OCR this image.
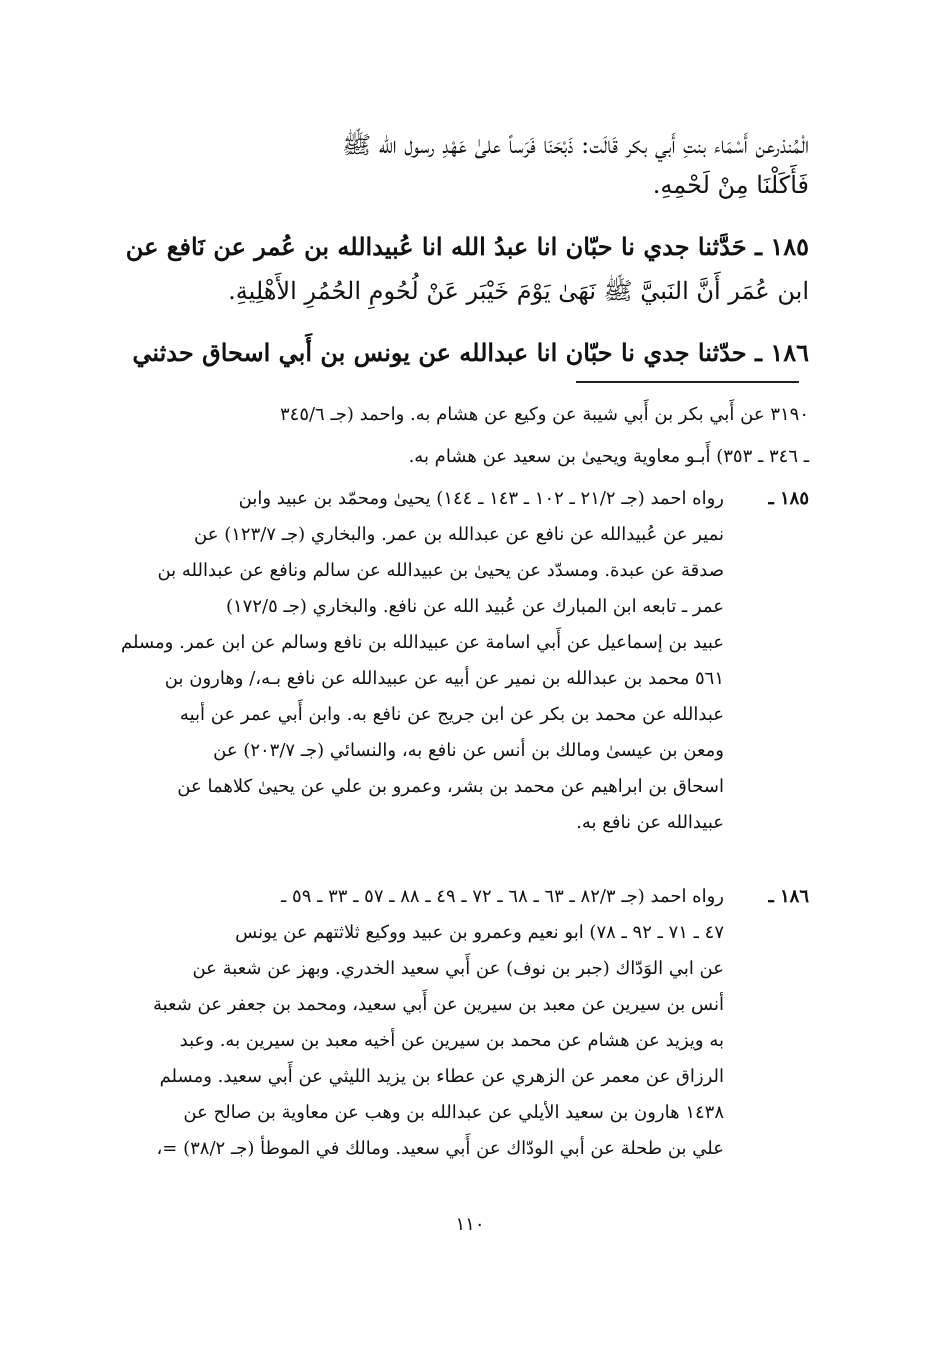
الْمُنذرعن أَسْمَاء بنتِ أَبي بكر قَالَت: ذَبْحَنَا فَرَساً علىٰ عَهْدِ رسول الله ﷺ
فَأَكَلْنَا مِنْ لَحْمِهِ.
١٨٥ ـ حَدَّثنا جدي نا حبّان انا عبدُ الله انا عُبيدالله بن عُمر عن نَافع عن
ابن عُمَر أَنَّ النَبيَّ ﷺ نَهَىٰ يَوْمَ خَيْبَر عَنْ لُحُومِ الحُمُرِ الأَهْلِيةِ.
١٨٦ ـ حدّثنا جدي نا حبّان انا عبدالله عن يونس بن أَبي اسحاق حدثني
٣١٩٠ عن أَبي بكر بن أَبي شيبة عن وكيع عن هشام به. واحمد (جـ ٣٤٥/٦
ـ ٣٤٦ ـ ٣٥٣) أَبـو معاوية ويحيىٰ بن سعيد عن هشام به.
١٨٥ ـ
رواه احمد (جـ ٢١/٢ ـ ١٠٢ ـ ١٤٣ ـ ١٤٤) يحيىٰ ومحمّد بن عبيد وابن
نمير عن عُبيدالله عن نافع عن عبدالله بن عمر. والبخاري (جـ ١٢٣/٧) عن
صدقة عن عبدة. ومسدّد عن يحيىٰ بن عبيدالله عن سالم ونافع عن عبدالله بن
عمر ـ تابعه ابن المبارك عن عُبيد الله عن نافع. والبخاري (جـ ١٧٢/٥)
عبيد بن إسماعيل عن أَبي اسامة عن عبيدالله بن نافع وسالم عن ابن عمر. ومسلم
٥٦١ محمد بن عبدالله بن نمير عن أبيه عن عبيدالله عن نافع بـه،/ وهارون بن
عبدالله عن محمد بن بكر عن ابن جريج عن نافع به. وابن أَبي عمر عن أبيه
ومعن بن عيسىٰ ومالك بن أنس عن نافع به، والنسائي (جـ ٢٠٣/٧) عن
اسحاق بن ابراهيم عن محمد بن بشر، وعمرو بن علي عن يحيىٰ كلاهما عن
عبيدالله عن نافع به.
١٨٦ ـ
رواه احمد (جـ ٨٢/٣ ـ ٦٣ ـ ٦٨ ـ ٧٢ ـ ٤٩ ـ ٨٨ ـ ٥٧ ـ ٣٣ ـ ٥٩ ـ
٤٧ ـ ٧١ ـ ٩٢ ـ ٧٨) ابو نعيم وعمرو بن عبيد ووكيع ثلاثتهم عن يونس
عن ابي الوَدّاك (جبر بن نوف) عن أَبي سعيد الخدري. وبهز عن شعبة عن
أنس بن سيرين عن معبد بن سيرين عن أَبي سعيد، ومحمد بن جعفر عن شعبة
به ويزيد عن هشام عن محمد بن سيرين عن أخيه معبد بن سيرين به. وعبد
الرزاق عن معمر عن الزهري عن عطاء بن يزيد الليثي عن أَبي سعيد. ومسلم
١٤٣٨ هارون بن سعيد الأيلي عن عبدالله بن وهب عن معاوية بن صالح عن
علي بن طحلة عن أبي الودّاك عن أَبي سعيد. ومالك في الموطأ (جـ ٣٨/٢) =،
١١٠
